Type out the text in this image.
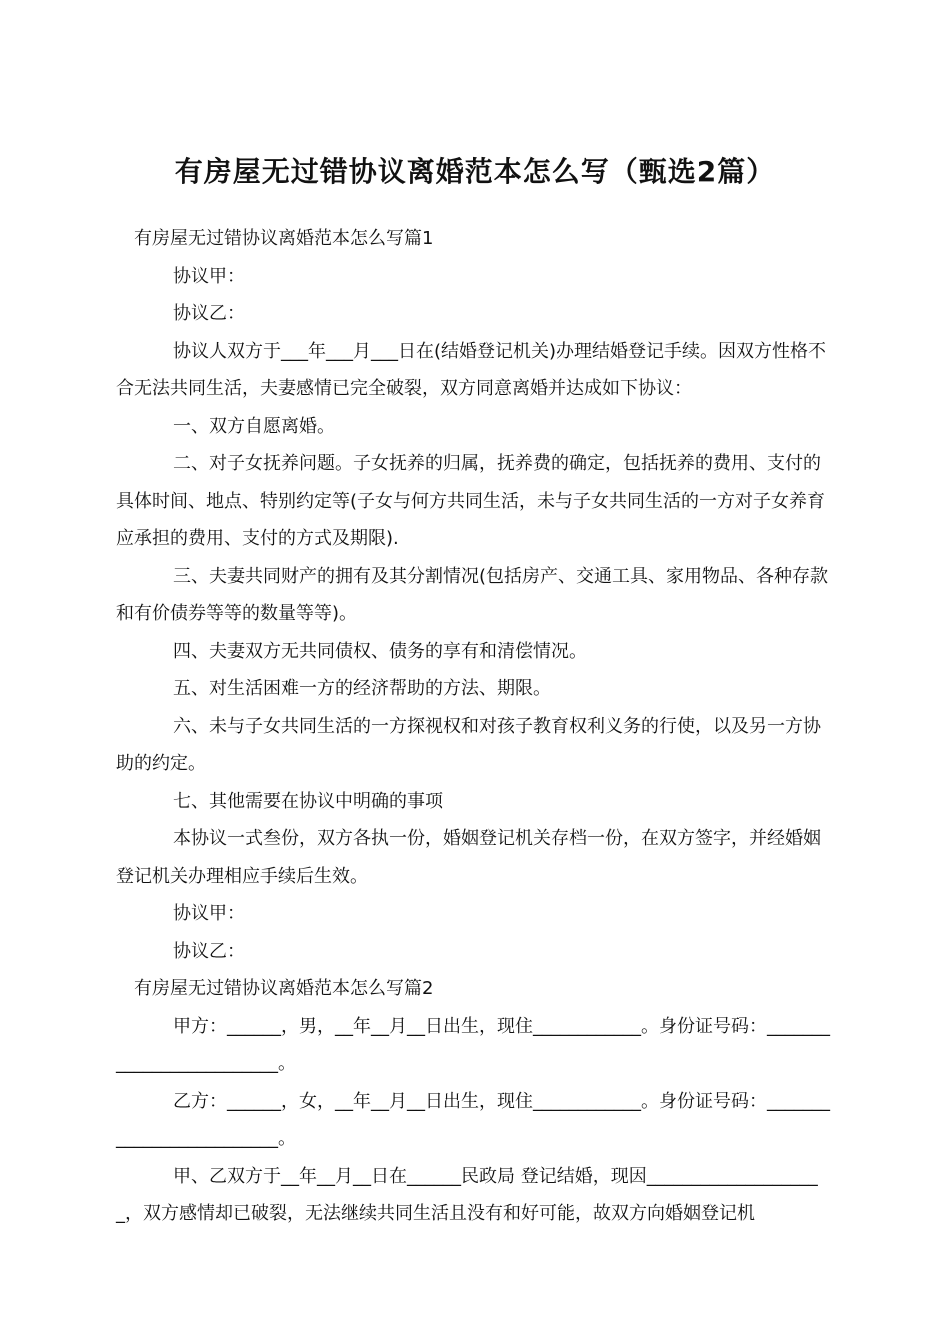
有房屋无过错协议离婚范本怎么写（甄选2篇）

有房屋无过错协议离婚范本怎么写篇1

协议甲：

协议乙：

协议人双方于___年___月___日在(结婚登记机关)办理结婚登记手续。因双方性格不合无法共同生活，夫妻感情已完全破裂，双方同意离婚并达成如下协议：

一、双方自愿离婚。

二、对子女抚养问题。子女抚养的归属，抚养费的确定，包括抚养的费用、支付的具体时间、地点、特别约定等(子女与何方共同生活，未与子女共同生活的一方对子女养育应承担的费用、支付的方式及期限).

三、夫妻共同财产的拥有及其分割情况(包括房产、交通工具、家用物品、各种存款和有价债券等等的数量等等)。

四、夫妻双方无共同债权、债务的享有和清偿情况。

五、对生活困难一方的经济帮助的方法、期限。

六、未与子女共同生活的一方探视权和对孩子教育权利义务的行使，以及另一方协助的约定。

七、其他需要在协议中明确的事项

本协议一式叁份，双方各执一份，婚姻登记机关存档一份，在双方签字，并经婚姻登记机关办理相应手续后生效。

协议甲：

协议乙：

有房屋无过错协议离婚范本怎么写篇2

甲方：______，男，__年__月__日出生，现住____________。身份证号码：_________________________。

乙方：______，女，__年__月__日出生，现住____________。身份证号码：_________________________。

甲、乙双方于__年__月__日在______民政局 登记结婚，现因____________________，双方感情却已破裂，无法继续共同生活且没有和好可能，故双方向婚姻登记机
